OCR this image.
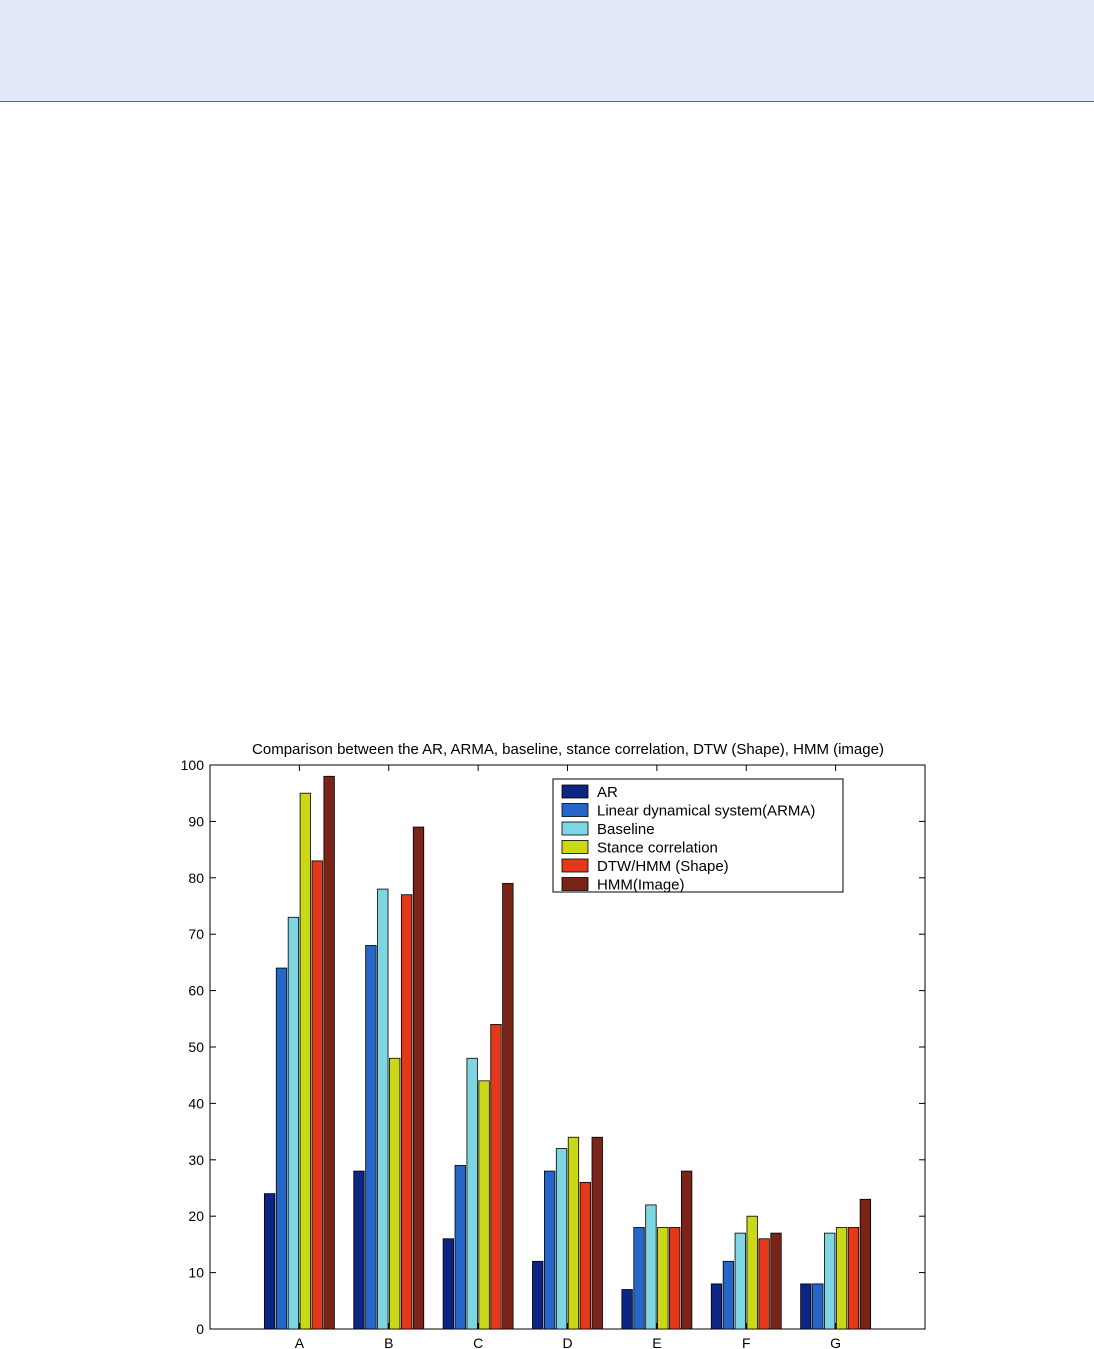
Comparison between the AR, ARMA, baseline, stance correlation, DTW (Shape), HMM (image)
0
10
20
30
40
50
60
70
80
90
100
A	B	C	D	E	F	G
AR
Linear dynamical system(ARMA)
Baseline
Stance correlation
DTW/HMM (Shape)
HMM(Image)
